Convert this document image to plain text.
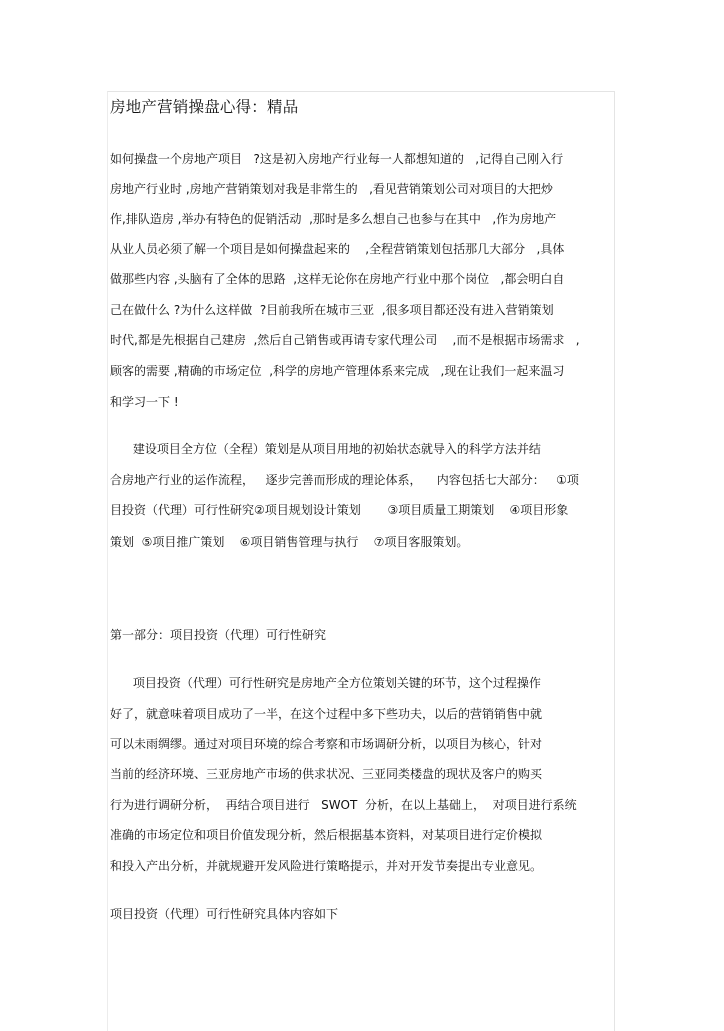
房地产营销操盘心得：精品

如何操盘一个房地产项目   ?这是初入房地产行业每一人都想知道的   ,记得自己刚入行

房地产行业时 ,房地产营销策划对我是非常生的   ,看见营销策划公司对项目的大把炒

作,排队造房 ,举办有特色的促销活动  ,那时是多么想自己也参与在其中   ,作为房地产

从业人员必须了解一个项目是如何操盘起来的    ,全程营销策划包括那几大部分   ,具体

做那些内容 ,头脑有了全体的思路  ,这样无论你在房地产行业中那个岗位   ,都会明白自

己在做什么 ?为什么这样做  ?目前我所在城市三亚  ,很多项目都还没有进入营销策划

时代,都是先根据自己建房  ,然后自己销售或再请专家代理公司    ,而不是根据市场需求   ,

顾客的需要 ,精确的市场定位  ,科学的房地产管理体系来完成   ,现在让我们一起来温习

和学习一下 !

建设项目全方位（全程）策划是从项目用地的初始状态就导入的科学方法并结

合房地产行业的运作流程，   逐步完善而形成的理论体系，    内容包括七大部分：   ①项

目投资（代理）可行性研究②项目规划设计策划       ③项目质量工期策划    ④项目形象

策划  ⑤项目推广策划    ⑥项目销售管理与执行    ⑦项目客服策划。

第一部分：项目投资（代理）可行性研究

项目投资（代理）可行性研究是房地产全方位策划关键的环节，这个过程操作

好了，就意味着项目成功了一半，在这个过程中多下些功夫，以后的营销销售中就

可以未雨绸缪。通过对项目环境的综合考察和市场调研分析，以项目为核心，针对

当前的经济环境、三亚房地产市场的供求状况、三亚同类楼盘的现状及客户的购买

行为进行调研分析，  再结合项目进行   SWOT  分析，在以上基础上，  对项目进行系统

准确的市场定位和项目价值发现分析，然后根据基本资料，对某项目进行定价模拟

和投入产出分析，并就规避开发风险进行策略提示，并对开发节奏提出专业意见。

项目投资（代理）可行性研究具体内容如下
